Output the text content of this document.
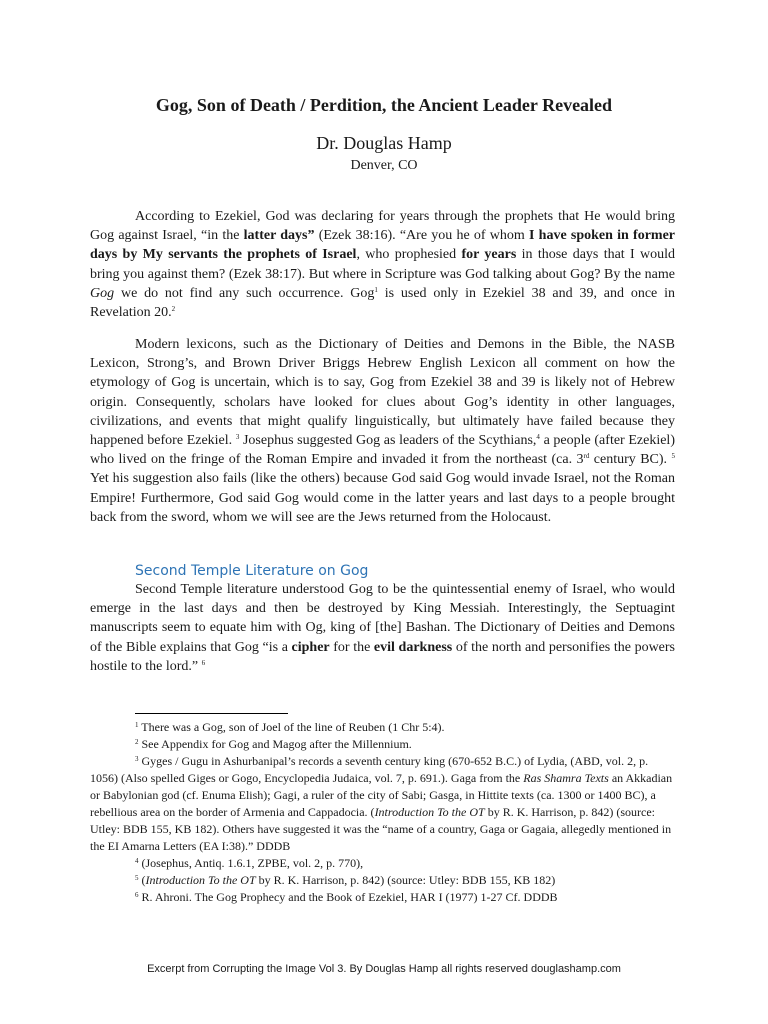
Gog, Son of Death / Perdition, the Ancient Leader Revealed
Dr. Douglas Hamp
Denver, CO

According to Ezekiel, God was declaring for years through the prophets that He would bring Gog against Israel, “in the latter days” (Ezek 38:16). “Are you he of whom I have spoken in former days by My servants the prophets of Israel, who prophesied for years in those days that I would bring you against them? (Ezek 38:17). But where in Scripture was God talking about Gog? By the name Gog we do not find any such occurrence. Gog$^1$ is used only in Ezekiel 38 and 39, and once in Revelation 20.$^2$

Modern lexicons, such as the Dictionary of Deities and Demons in the Bible, the NASB Lexicon, Strong’s, and Brown Driver Briggs Hebrew English Lexicon all comment on how the etymology of Gog is uncertain, which is to say, Gog from Ezekiel 38 and 39 is likely not of Hebrew origin. Consequently, scholars have looked for clues about Gog’s identity in other languages, civilizations, and events that might qualify linguistically, but ultimately have failed because they happened before Ezekiel. $^3$ Josephus suggested Gog as leaders of the Scythians,$^4$ a people (after Ezekiel) who lived on the fringe of the Roman Empire and invaded it from the northeast (ca. 3rd century BC). $^5$ Yet his suggestion also fails (like the others) because God said Gog would invade Israel, not the Roman Empire! Furthermore, God said Gog would come in the latter years and last days to a people brought back from the sword, whom we will see are the Jews returned from the Holocaust.

Second Temple Literature on Gog

Second Temple literature understood Gog to be the quintessential enemy of Israel, who would emerge in the last days and then be destroyed by King Messiah. Interestingly, the Septuagint manuscripts seem to equate him with Og, king of [the] Bashan. The Dictionary of Deities and Demons of the Bible explains that Gog “is a cipher for the evil darkness of the north and personifies the powers hostile to the lord.” $^6$

$^1$ There was a Gog, son of Joel of the line of Reuben (1 Chr 5:4).

$^2$ See Appendix for Gog and Magog after the Millennium.

$^3$ Gyges / Gugu in Ashurbanipal’s records a seventh century king (670-652 B.C.) of Lydia, (ABD, vol. 2, p. 1056) (Also spelled Giges or Gogo, Encyclopedia Judaica, vol. 7, p. 691.). Gaga from the Ras Shamra Texts an Akkadian or Babylonian god (cf. Enuma Elish); Gagi, a ruler of the city of Sabi; Gasga, in Hittite texts (ca. 1300 or 1400 BC), a rebellious area on the border of Armenia and Cappadocia. (Introduction To the OT by R. K. Harrison, p. 842) (source: Utley: BDB 155, KB 182). Others have suggested it was the “name of a country, Gaga or Gagaia, allegedly mentioned in the EI Amarna Letters (EA I:38).” DDDB

$^4$ (Josephus, Antiq. 1.6.1, ZPBE, vol. 2, p. 770),

$^5$ (Introduction To the OT by R. K. Harrison, p. 842) (source: Utley: BDB 155, KB 182)

$^6$ R. Ahroni. The Gog Prophecy and the Book of Ezekiel, HAR I (1977) 1-27 Cf. DDDB

Excerpt from Corrupting the Image Vol 3. By Douglas Hamp all rights reserved douglashamp.com
